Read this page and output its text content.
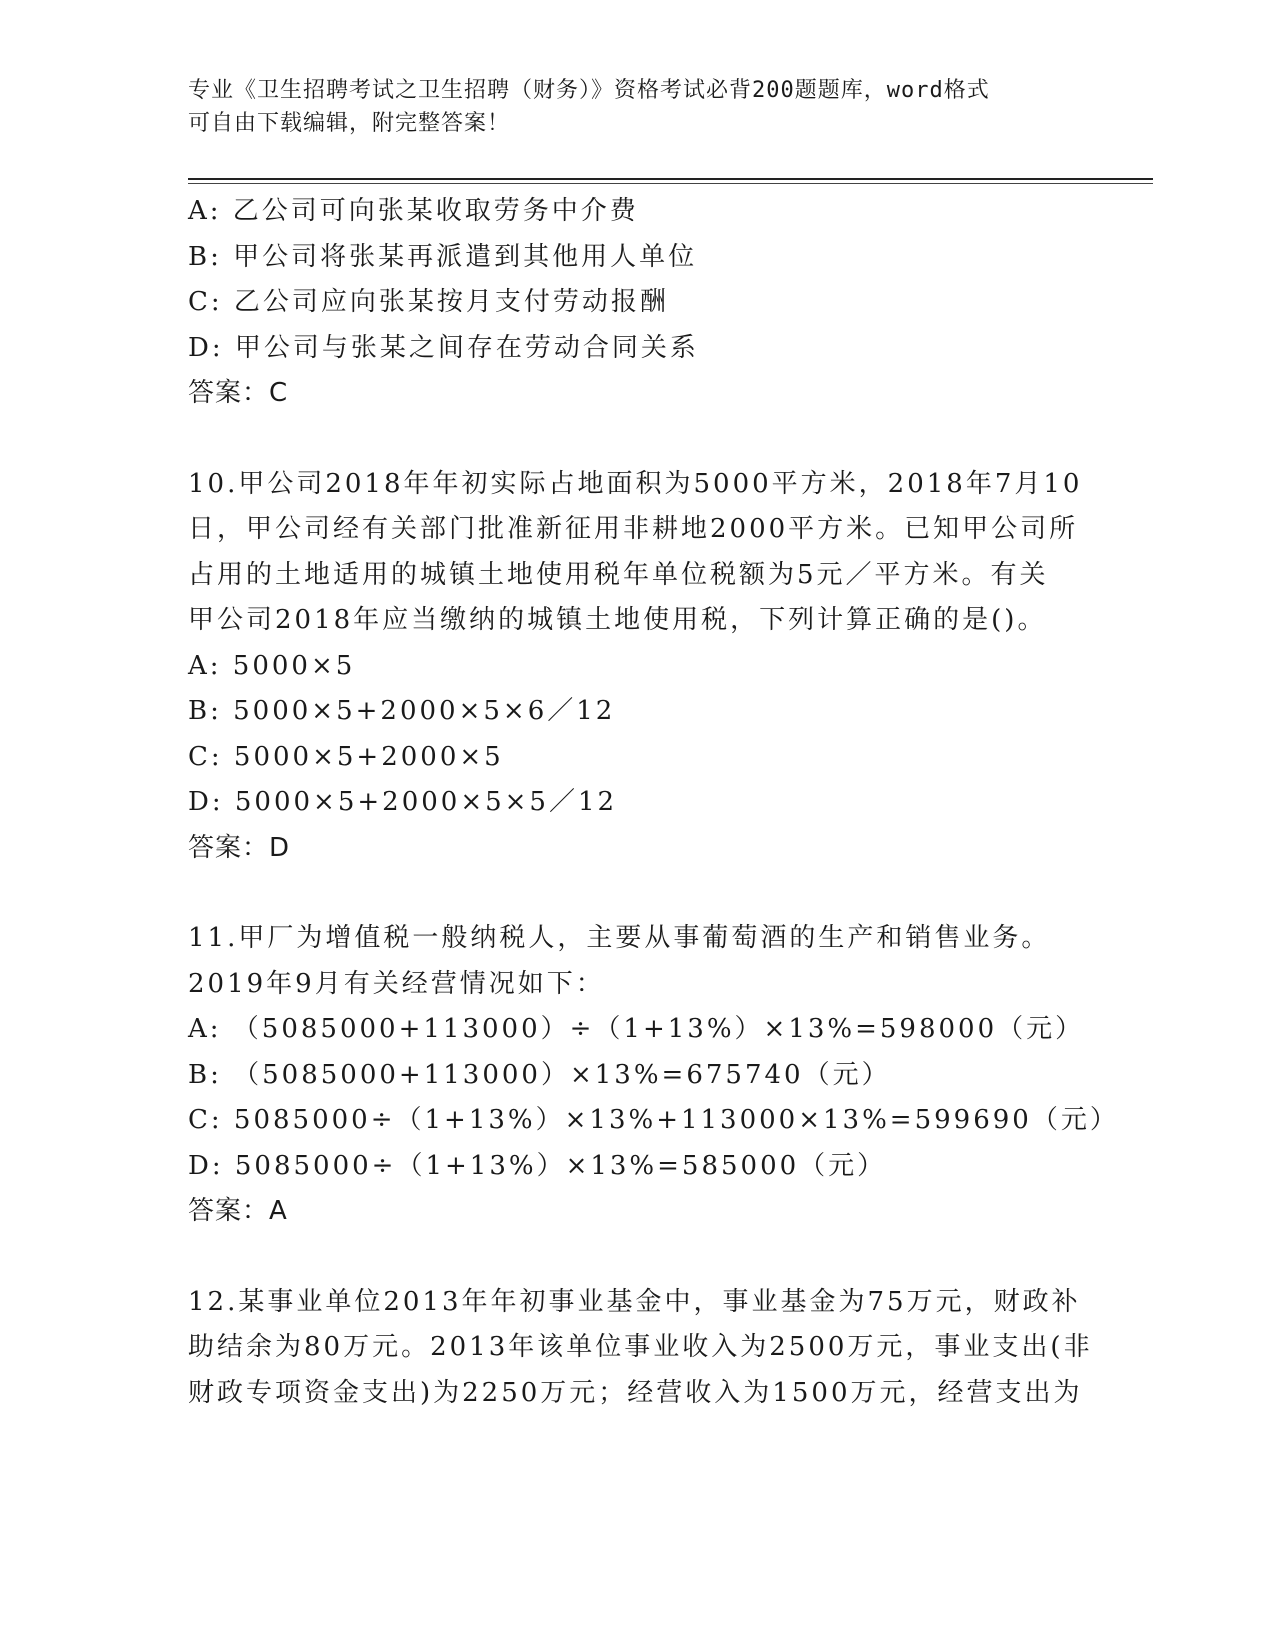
专业《卫生招聘考试之卫生招聘（财务）》资格考试必背200题题库，word格式
可自由下载编辑，附完整答案！
A: 乙公司可向张某收取劳务中介费
B: 甲公司将张某再派遣到其他用人单位
C: 乙公司应向张某按月支付劳动报酬
D: 甲公司与张某之间存在劳动合同关系
答案：C
10.甲公司2018年年初实际占地面积为5000平方米，2018年7月10
日，甲公司经有关部门批准新征用非耕地2000平方米。已知甲公司所
占用的土地适用的城镇土地使用税年单位税额为5元／平方米。有关
甲公司2018年应当缴纳的城镇土地使用税，下列计算正确的是()。
A: 5000×5
B: 5000×5+2000×5×6／12
C: 5000×5+2000×5
D: 5000×5+2000×5×5／12
答案：D
11.甲厂为增值税一般纳税人，主要从事葡萄酒的生产和销售业务。
2019年9月有关经营情况如下：
A: （5085000+113000）÷（1+13%）×13%=598000（元）
B: （5085000+113000）×13%=675740（元）
C: 5085000÷（1+13%）×13%+113000×13%=599690（元）
D: 5085000÷（1+13%）×13%=585000（元）
答案：A
12.某事业单位2013年年初事业基金中，事业基金为75万元，财政补
助结余为80万元。2013年该单位事业收入为2500万元，事业支出(非
财政专项资金支出)为2250万元；经营收入为1500万元，经营支出为
